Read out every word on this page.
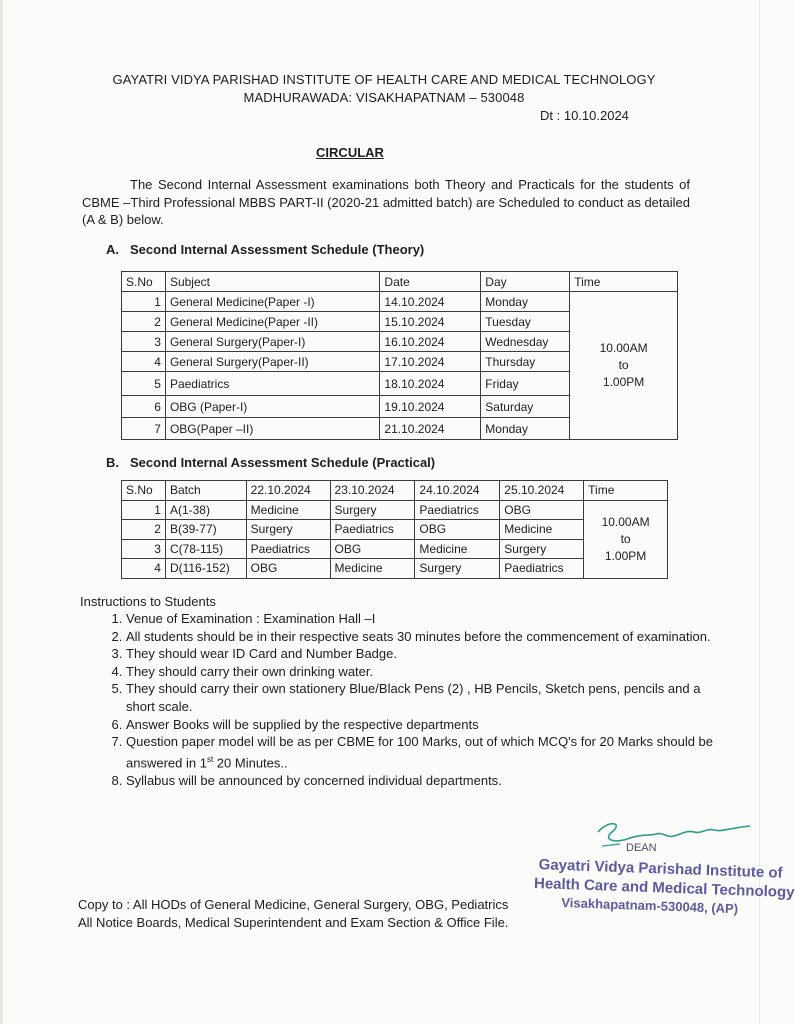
GAYATRI VIDYA PARISHAD INSTITUTE OF HEALTH CARE AND MEDICAL TECHNOLOGY
MADHURAWADA: VISAKHAPATNAM – 530048
Dt : 10.10.2024
CIRCULAR
The Second Internal Assessment examinations both Theory and Practicals for the students of CBME –Third Professional MBBS PART-II (2020-21 admitted batch) are Scheduled to conduct as detailed (A & B) below.
A. Second Internal Assessment Schedule (Theory)
S.No	Subject	Date	Day	Time
1	General Medicine(Paper -I)	14.10.2024	Monday	10.00AM
to
1.00PM

2	General Medicine(Paper -II)	15.10.2024	Tuesday	
3	General Surgery(Paper-I)	16.10.2024	Wednesday	
4	General Surgery(Paper-II)	17.10.2024	Thursday	
5	Paediatrics	18.10.2024	Friday	
6	OBG (Paper-I)	19.10.2024	Saturday	
7	OBG(Paper –II)	21.10.2024	Monday	
B. Second Internal Assessment Schedule (Practical)
S.No	Batch	22.10.2024	23.10.2024	24.10.2024	25.10.2024	Time
1	A(1-38)	Medicine	Surgery	Paediatrics	OBG	10.00AM
to
1.00PM

2	B(39-77)	Surgery	Paediatrics	OBG	Medicine	
3	C(78-115)	Paediatrics	OBG	Medicine	Surgery	
4	D(116-152)	OBG	Medicine	Surgery	Paediatrics	
Instructions to Students
1. Venue of Examination : Examination Hall –I
2. All students should be in their respective seats 30 minutes before the commencement of examination.
3. They should wear ID Card and Number Badge.
4. They should carry their own drinking water.
5. They should carry their own stationery Blue/Black Pens (2) , HB Pencils, Sketch pens, pencils and a short scale.
6. Answer Books will be supplied by the respective departments
7. Question paper model will be as per CBME for 100 Marks, out of which MCQ's for 20 Marks should be answered in 1st 20 Minutes..
8. Syllabus will be announced by concerned individual departments.
DEAN
Gayatri Vidya Parishad Institute of
Health Care and Medical Technology
Visakhapatnam-530048, (AP)
Copy to : All HODs of General Medicine, General Surgery, OBG, Pediatrics
All Notice Boards, Medical Superintendent and Exam Section & Office File.
